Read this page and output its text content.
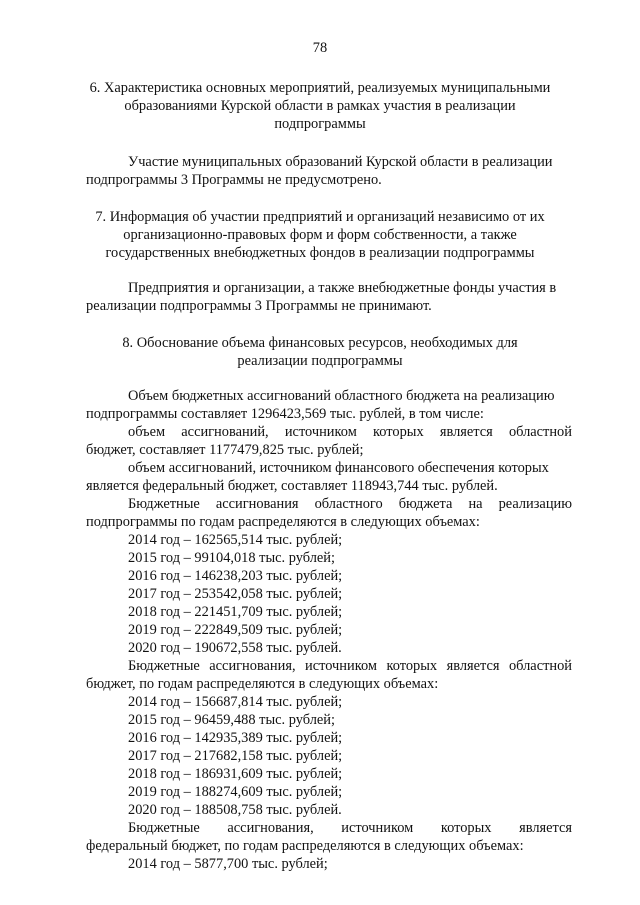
78
6. Характеристика основных мероприятий, реализуемых муниципальными
образованиями Курской области в рамках участия в реализации
подпрограммы
Участие муниципальных образований Курской области в реализации
подпрограммы 3 Программы не предусмотрено.
7. Информация об участии предприятий и организаций независимо от их
организационно-правовых форм и форм собственности, а также
государственных внебюджетных фондов в реализации подпрограммы
Предприятия и организации, а также внебюджетные фонды участия в
реализации подпрограммы 3 Программы не принимают.
8. Обоснование объема финансовых ресурсов, необходимых для
реализации подпрограммы
Объем бюджетных ассигнований областного бюджета на реализацию
подпрограммы составляет 1296423,569 тыс. рублей, в том числе:
объем ассигнований, источником которых является областной
бюджет, составляет 1177479,825 тыс. рублей;
объем ассигнований, источником финансового обеспечения которых
является федеральный бюджет, составляет 118943,744 тыс. рублей.
Бюджетные ассигнования областного бюджета на реализацию
подпрограммы по годам распределяются в следующих объемах:
2014 год – 162565,514 тыс. рублей;
2015 год – 99104,018 тыс. рублей;
2016 год – 146238,203 тыс. рублей;
2017 год – 253542,058 тыс. рублей;
2018 год – 221451,709 тыс. рублей;
2019 год – 222849,509 тыс. рублей;
2020 год – 190672,558 тыс. рублей.
Бюджетные ассигнования, источником которых является областной
бюджет, по годам распределяются в следующих объемах:
2014 год – 156687,814 тыс. рублей;
2015 год – 96459,488 тыс. рублей;
2016 год – 142935,389 тыс. рублей;
2017 год – 217682,158 тыс. рублей;
2018 год – 186931,609 тыс. рублей;
2019 год – 188274,609 тыс. рублей;
2020 год – 188508,758 тыс. рублей.
Бюджетные ассигнования, источником которых является
федеральный бюджет, по годам распределяются в следующих объемах:
2014 год – 5877,700 тыс. рублей;
